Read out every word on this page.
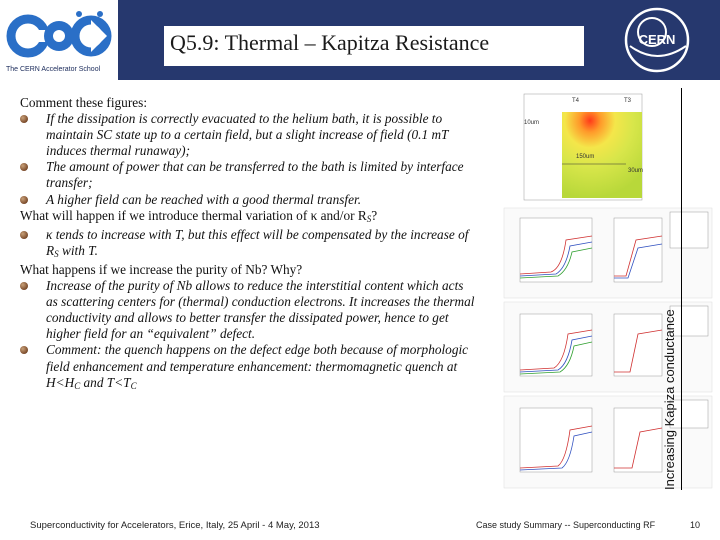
The CERN Accelerator School
Q5.9: Thermal – Kapitza Resistance	CERN

Comment these figures:

If the dissipation is correctly evacuated to the helium bath, it is possible to maintain SC state up to a certain field, but a slight increase of field (0.1 mT induces thermal runaway);
The amount of power that can be transferred to the bath is limited by interface transfer;
A higher field can be reached with a good thermal transfer.

What will happen if we introduce thermal variation of κ and/or $R_S$?

κ tends to increase with T, but this effect will be compensated by the increase of $R_S$ with T.

What happens if we increase the purity of Nb? Why?

Increase of the purity of Nb allows to reduce the interstitial content which acts as scattering centers for (thermal) conduction electrons. It increases the thermal conductivity and allows to better transfer the dissipated power, hence to get higher field for an “equivalent” defect.
Comment: the quench happens on the defect edge both because of morphologic field enhancement and temperature enhancement: thermomagnetic quench at $H<H_C$ and $T<T_C$
T4	T3
10um
150um
30um
Increasing Kapiza conductance
Superconductivity for Accelerators, Erice, Italy, 25 April - 4 May, 2013	Case study Summary -- Superconducting RF	10
